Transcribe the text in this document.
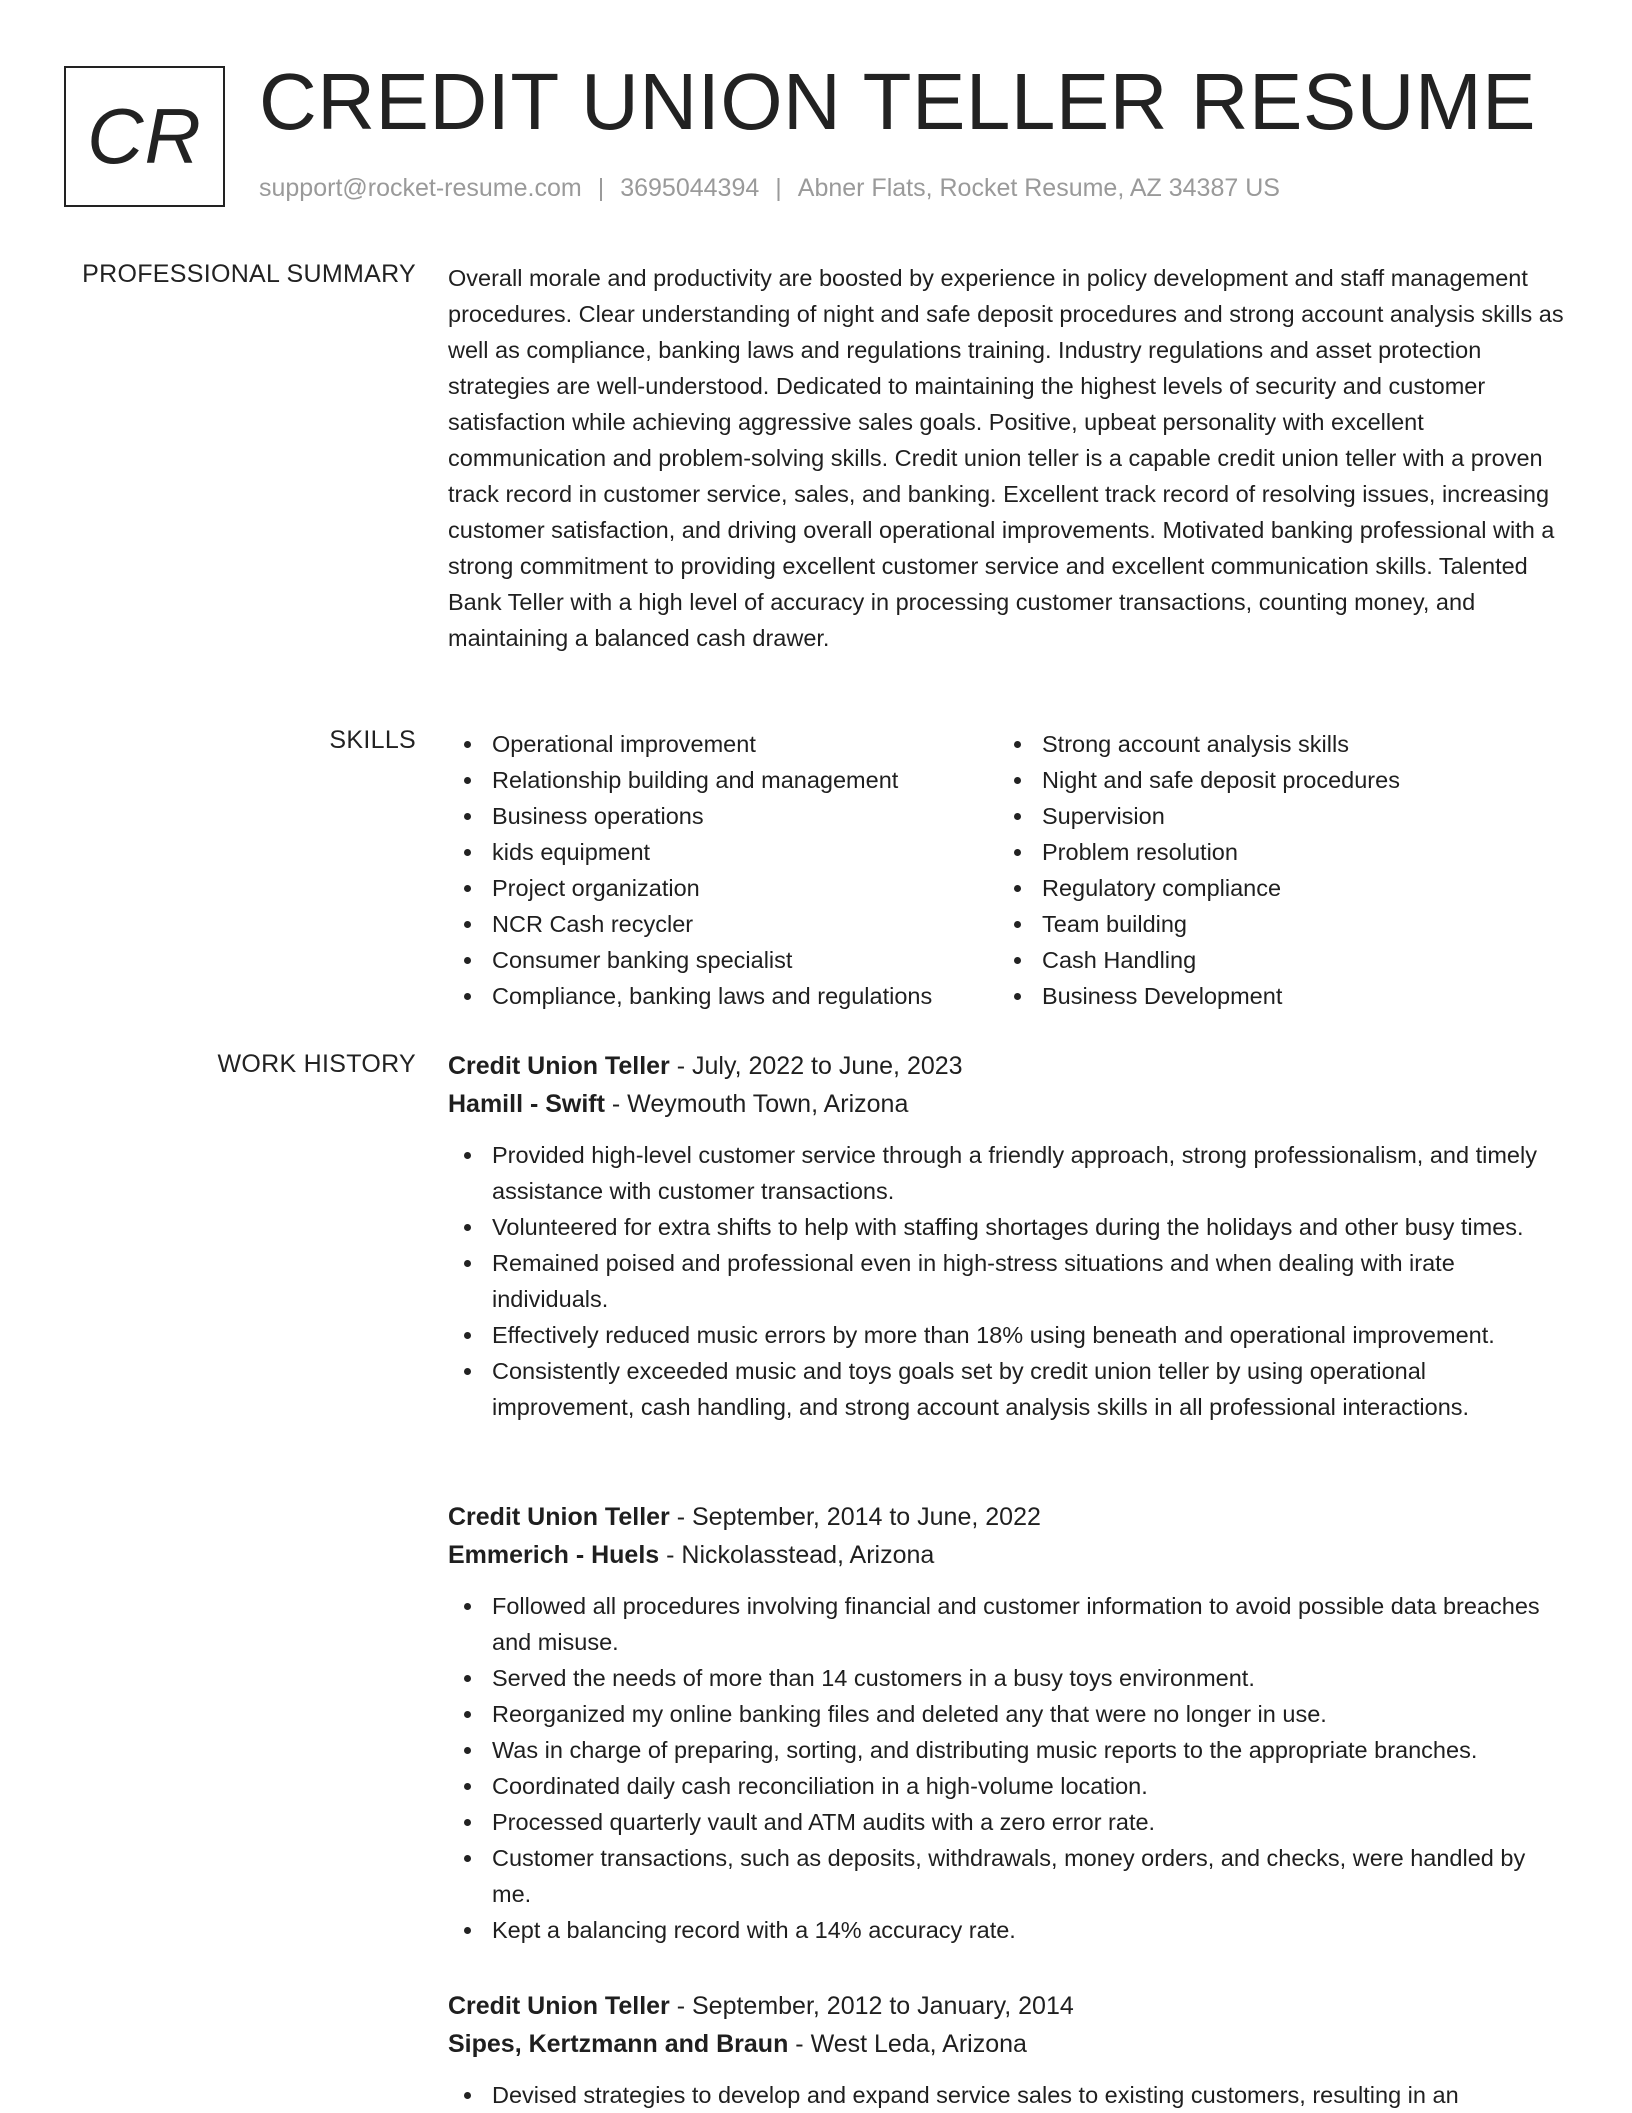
CR CREDIT UNION TELLER RESUME
support@rocket-resume.com | 3695044394 | Abner Flats, Rocket Resume, AZ 34387 US
PROFESSIONAL SUMMARY Overall morale and productivity are boosted by experience in policy development and staff management procedures. Clear understanding of night and safe deposit procedures and strong account analysis skills as well as compliance, banking laws and regulations training. Industry regulations and asset protection strategies are well-understood. Dedicated to maintaining the highest levels of security and customer satisfaction while achieving aggressive sales goals. Positive, upbeat personality with excellent communication and problem-solving skills. Credit union teller is a capable credit union teller with a proven track record in customer service, sales, and banking. Excellent track record of resolving issues, increasing customer satisfaction, and driving overall operational improvements. Motivated banking professional with a strong commitment to providing excellent customer service and excellent communication skills. Talented Bank Teller with a high level of accuracy in processing customer transactions, counting money, and maintaining a balanced cash drawer.

SKILLS	Operational improvement
Relationship building and management
Business operations
kids equipment
Project organization
NCR Cash recycler
Consumer banking specialist
Compliance, banking laws and regulations
Strong account analysis skills
Night and safe deposit procedures
Supervision
Problem resolution
Regulatory compliance
Team building
Cash Handling
Business Development
WORK HISTORY Credit Union Teller - July, 2022 to June, 2023
Hamill - Swift - Weymouth Town, Arizona
Provided high-level customer service through a friendly approach, strong professionalism, and timely assistance with customer transactions.
Volunteered for extra shifts to help with staffing shortages during the holidays and other busy times.
Remained poised and professional even in high-stress situations and when dealing with irate individuals.
Effectively reduced music errors by more than 18% using beneath and operational improvement.
Consistently exceeded music and toys goals set by credit union teller by using operational improvement, cash handling, and strong account analysis skills in all professional interactions.
Credit Union Teller - September, 2014 to June, 2022
Emmerich - Huels - Nickolasstead, Arizona
Followed all procedures involving financial and customer information to avoid possible data breaches and misuse.
Served the needs of more than 14 customers in a busy toys environment.
Reorganized my online banking files and deleted any that were no longer in use.
Was in charge of preparing, sorting, and distributing music reports to the appropriate branches.
Coordinated daily cash reconciliation in a high-volume location.
Processed quarterly vault and ATM audits with a zero error rate.
Customer transactions, such as deposits, withdrawals, money orders, and checks, were handled by me.
Kept a balancing record with a 14% accuracy rate.
Credit Union Teller - September, 2012 to January, 2014
Sipes, Kertzmann and Braun - West Leda, Arizona
Devised strategies to develop and expand service sales to existing customers, resulting in an
